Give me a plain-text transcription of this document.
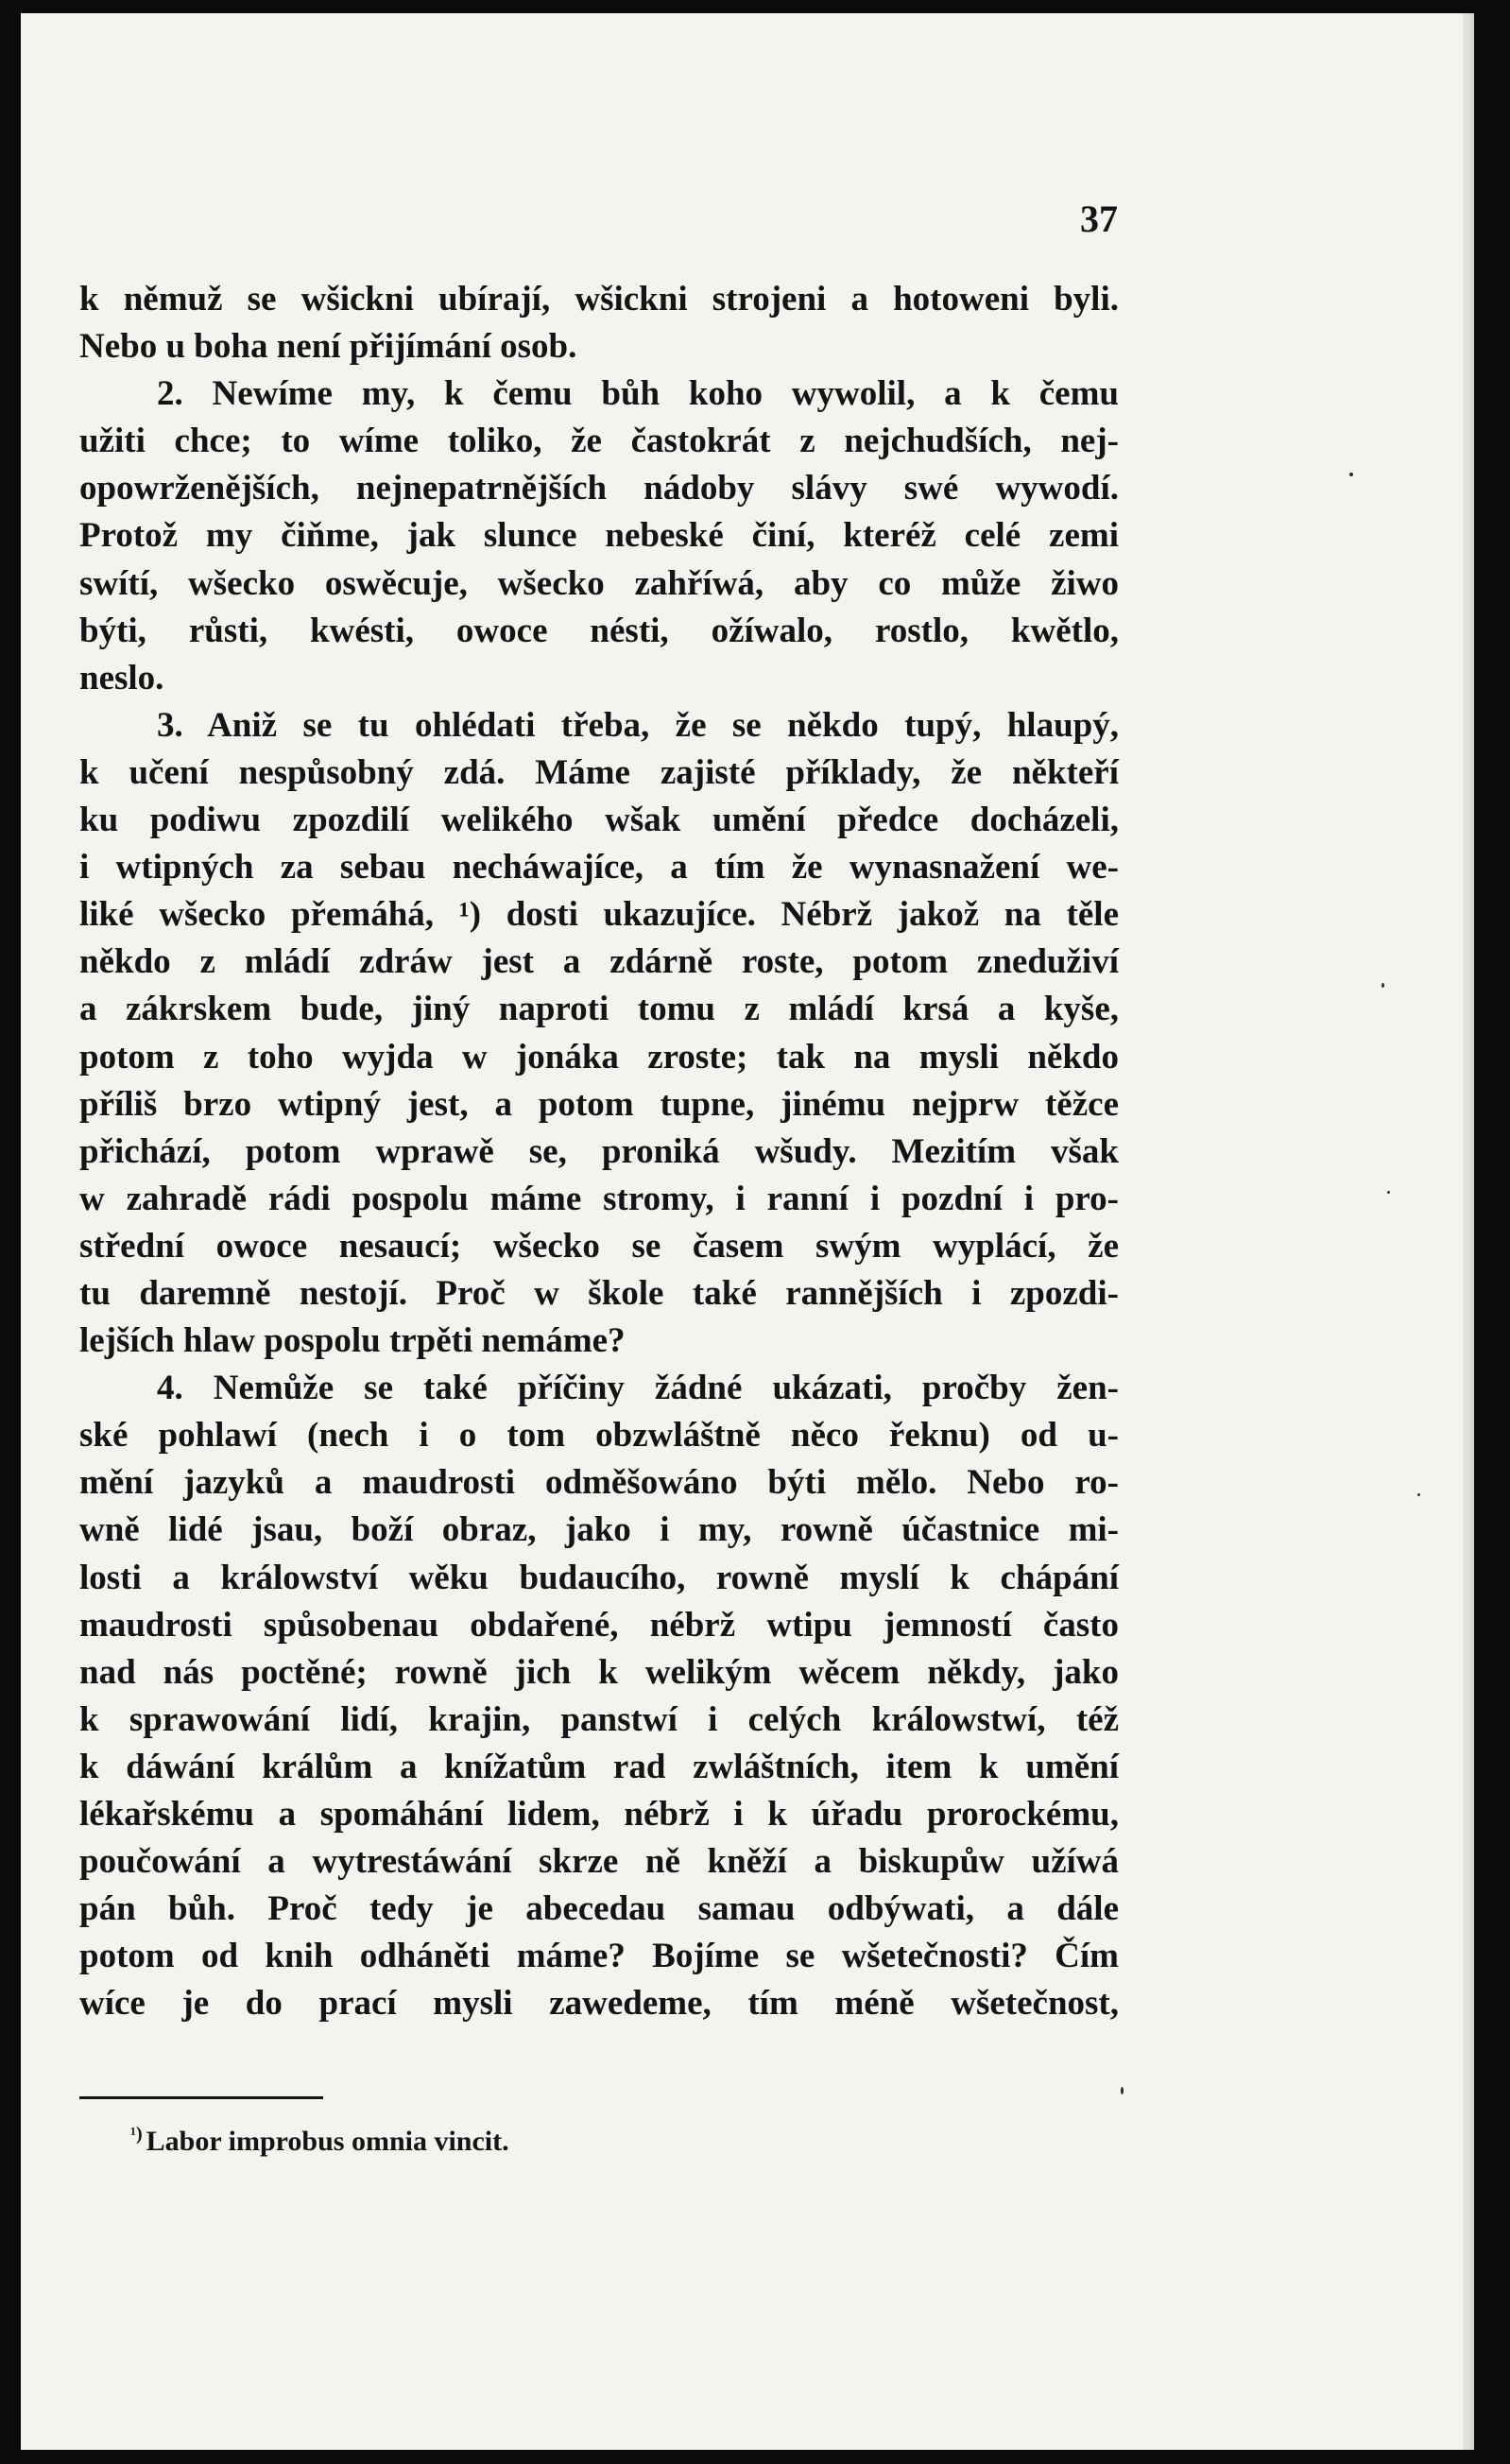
37
k němuž se wšickni ubírají, wšickni strojeni a hotoweni byli.
Nebo u boha není přijímání osob.
2. Newíme my, k čemu bůh koho wywolil, a k čemu
užiti chce; to wíme toliko, že častokrát z nejchudších, nej-
opowrženějších, nejnepatrnějších nádoby slávy swé wywodí.
Protož my čiňme, jak slunce nebeské činí, kteréž celé zemi
swítí, wšecko oswěcuje, wšecko zahříwá, aby co může žiwo
býti, růsti, kwésti, owoce nésti, ožíwalo, rostlo, kwětlo,
neslo.
3. Aniž se tu ohlédati třeba, že se někdo tupý, hlaupý,
k učení nespůsobný zdá. Máme zajisté příklady, že někteří
ku podiwu zpozdilí welikého wšak umění předce docházeli,
i wtipných za sebau necháwajíce, a tím že wynasnažení we-
liké wšecko přemáhá, ¹) dosti ukazujíce. Nébrž jakož na těle
někdo z mládí zdráw jest a zdárně roste, potom zneduživí
a zákrskem bude, jiný naproti tomu z mládí krsá a kyše,
potom z toho wyjda w jonáka zroste; tak na mysli někdo
příliš brzo wtipný jest, a potom tupne, jinému nejprw těžce
přichází, potom wprawě se, proniká wšudy. Mezitím však
w zahradě rádi pospolu máme stromy, i ranní i pozdní i pro-
střední owoce nesaucí; wšecko se časem swým wyplácí, že
tu daremně nestojí. Proč w škole také rannějších i zpozdi-
lejších hlaw pospolu trpěti nemáme?
4. Nemůže se také příčiny žádné ukázati, pročby žen-
ské pohlawí (nech i o tom obzwláštně něco řeknu) od u-
mění jazyků a maudrosti odměšowáno býti mělo. Nebo ro-
wně lidé jsau, boží obraz, jako i my, rowně účastnice mi-
losti a králowství wěku budaucího, rowně myslí k chápání
maudrosti spůsobenau obdařené, nébrž wtipu jemností často
nad nás poctěné; rowně jich k welikým wěcem někdy, jako
k sprawowání lidí, krajin, panstwí i celých králowstwí, též
k dáwání králům a knížatům rad zwláštních, item k umění
lékařskému a spomáhání lidem, nébrž i k úřadu prorockému,
poučowání a wytrestáwání skrze ně kněží a biskupůw užíwá
pán bůh. Proč tedy je abecedau samau odbýwati, a dále
potom od knih odháněti máme? Bojíme se wšetečnosti? Čím
wíce je do prací mysli zawedeme, tím méně wšetečnost,
$^{^1)}$ Labor improbus omnia vincit.
